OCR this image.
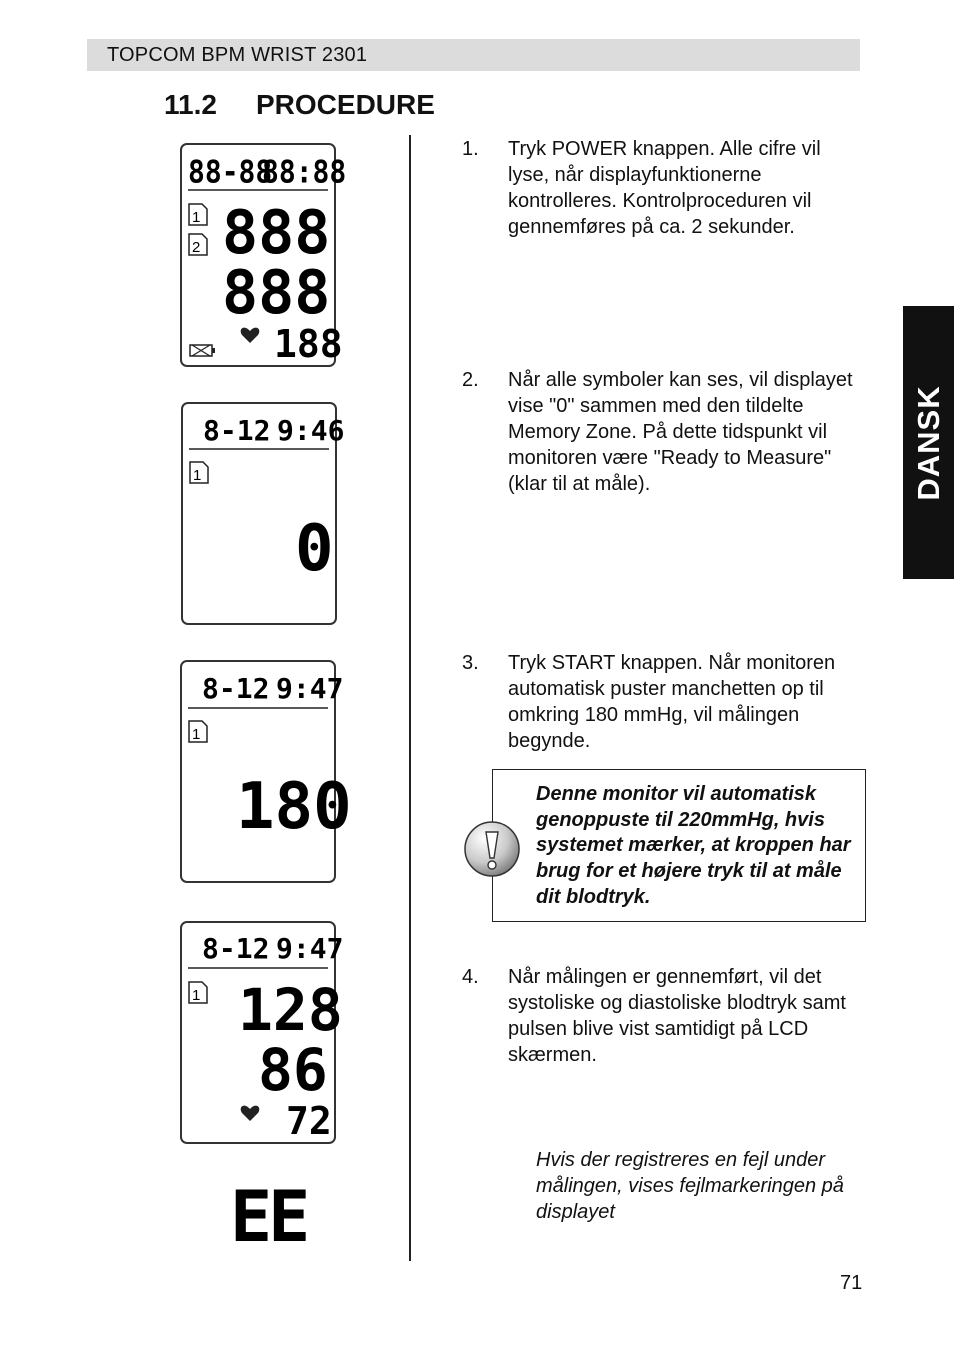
TOPCOM BPM WRIST 2301
11.2 PROCEDURE
DANSK
88-88
88:88
1
2 888
888
188
8-12 9:46
1
0
8-12 9:47
1
180
8-12 9:47
1 128
86
72
EE
1. Tryk POWER knappen. Alle cifre vil lyse, når displayfunktionerne kontrolleres. Kontrolproceduren vil gennemføres på ca. 2 sekunder.
2. Når alle symboler kan ses, vil displayet vise "0" sammen med den tildelte Memory Zone. På dette tidspunkt vil monitoren være "Ready to Measure" (klar til at måle).
3. Tryk START knappen. Når monitoren automatisk puster manchetten op til omkring 180 mmHg, vil målingen begynde.
4. Når målingen er gennemført, vil det systoliske og diastoliske blodtryk samt pulsen blive vist samtidigt på LCD skærmen.
Denne monitor vil automatisk genoppuste til 220mmHg, hvis systemet mærker, at kroppen har brug for et højere tryk til at måle dit blodtryk.
Hvis der registreres en fejl under målingen, vises fejlmarkeringen på displayet
71
